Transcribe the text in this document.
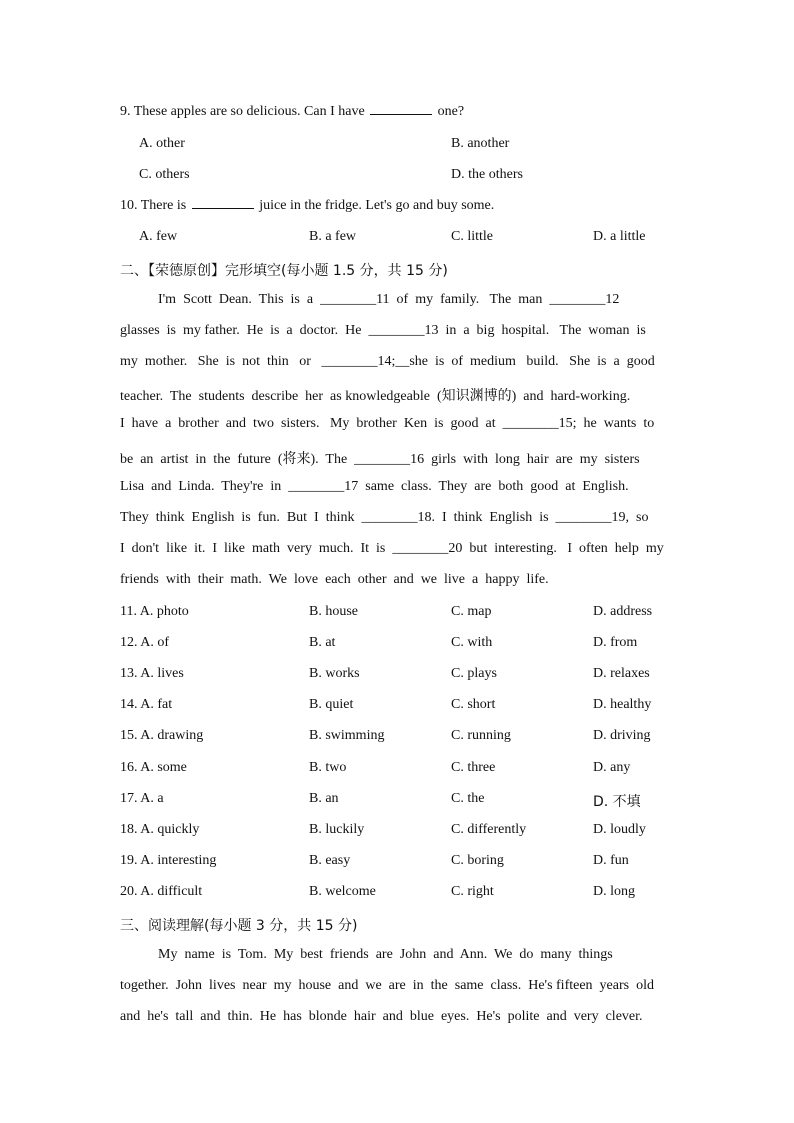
9. These apples are so delicious. Can I have	one?
A. other	B. another
C. others	D. the others
10. There is	juice in the fridge. Let's go and buy some.
A. few	B. a few	C. little	D. a little
二、【荣德原创】完形填空(每小题 1.5 分，共 15 分)
I'm  Scott  Dean.  This  is  a  ________11  of  my  family.   The  man  ________12
glasses  is  my father.  He  is  a  doctor.  He  ________13  in  a  big  hospital.   The  woman  is
my  mother.   She  is  not  thin   or   ________14;__she  is  of  medium   build.   She  is  a  good
teacher.  The  students  describe  her  as knowledgeable  (知识渊博的)  and  hard-working.
I  have  a  brother  and  two  sisters.   My  brother  Ken  is  good  at  ________15;  he  wants  to
be  an  artist  in  the  future  (将来).  The  ________16  girls  with  long  hair  are  my  sisters
Lisa  and  Linda.  They're  in  ________17  same  class.  They  are  both  good  at  English.
They  think  English  is  fun.  But  I  think  ________18.  I  think  English  is  ________19,  so
I  don't  like  it.  I  like  math  very  much.  It  is  ________20  but  interesting.   I  often  help  my
friends  with  their  math.  We  love  each  other  and  we  live  a  happy  life.
11. A. photo	B. house	C. map	D. address
12. A. of	B. at	C. with	D. from
13. A. lives	B. works	C. plays	D. relaxes
14. A. fat	B. quiet	C. short	D. healthy
15. A. drawing	B. swimming	C. running	D. driving
16. A. some	B. two	C. three	D. any
17. A. a	B. an	C. the	D. 不填
18. A. quickly	B. luckily	C. differently	D. loudly
19. A. interesting	B. easy	C. boring	D. fun
20. A. difficult	B. welcome	C. right	D. long
三、阅读理解(每小题 3 分，共 15 分)
My  name  is  Tom.  My  best  friends  are  John  and  Ann.  We  do  many  things
together.  John  lives  near  my  house  and  we  are  in  the  same  class.  He's fifteen  years  old
and  he's  tall  and  thin.  He  has  blonde  hair  and  blue  eyes.  He's  polite  and  very  clever.
